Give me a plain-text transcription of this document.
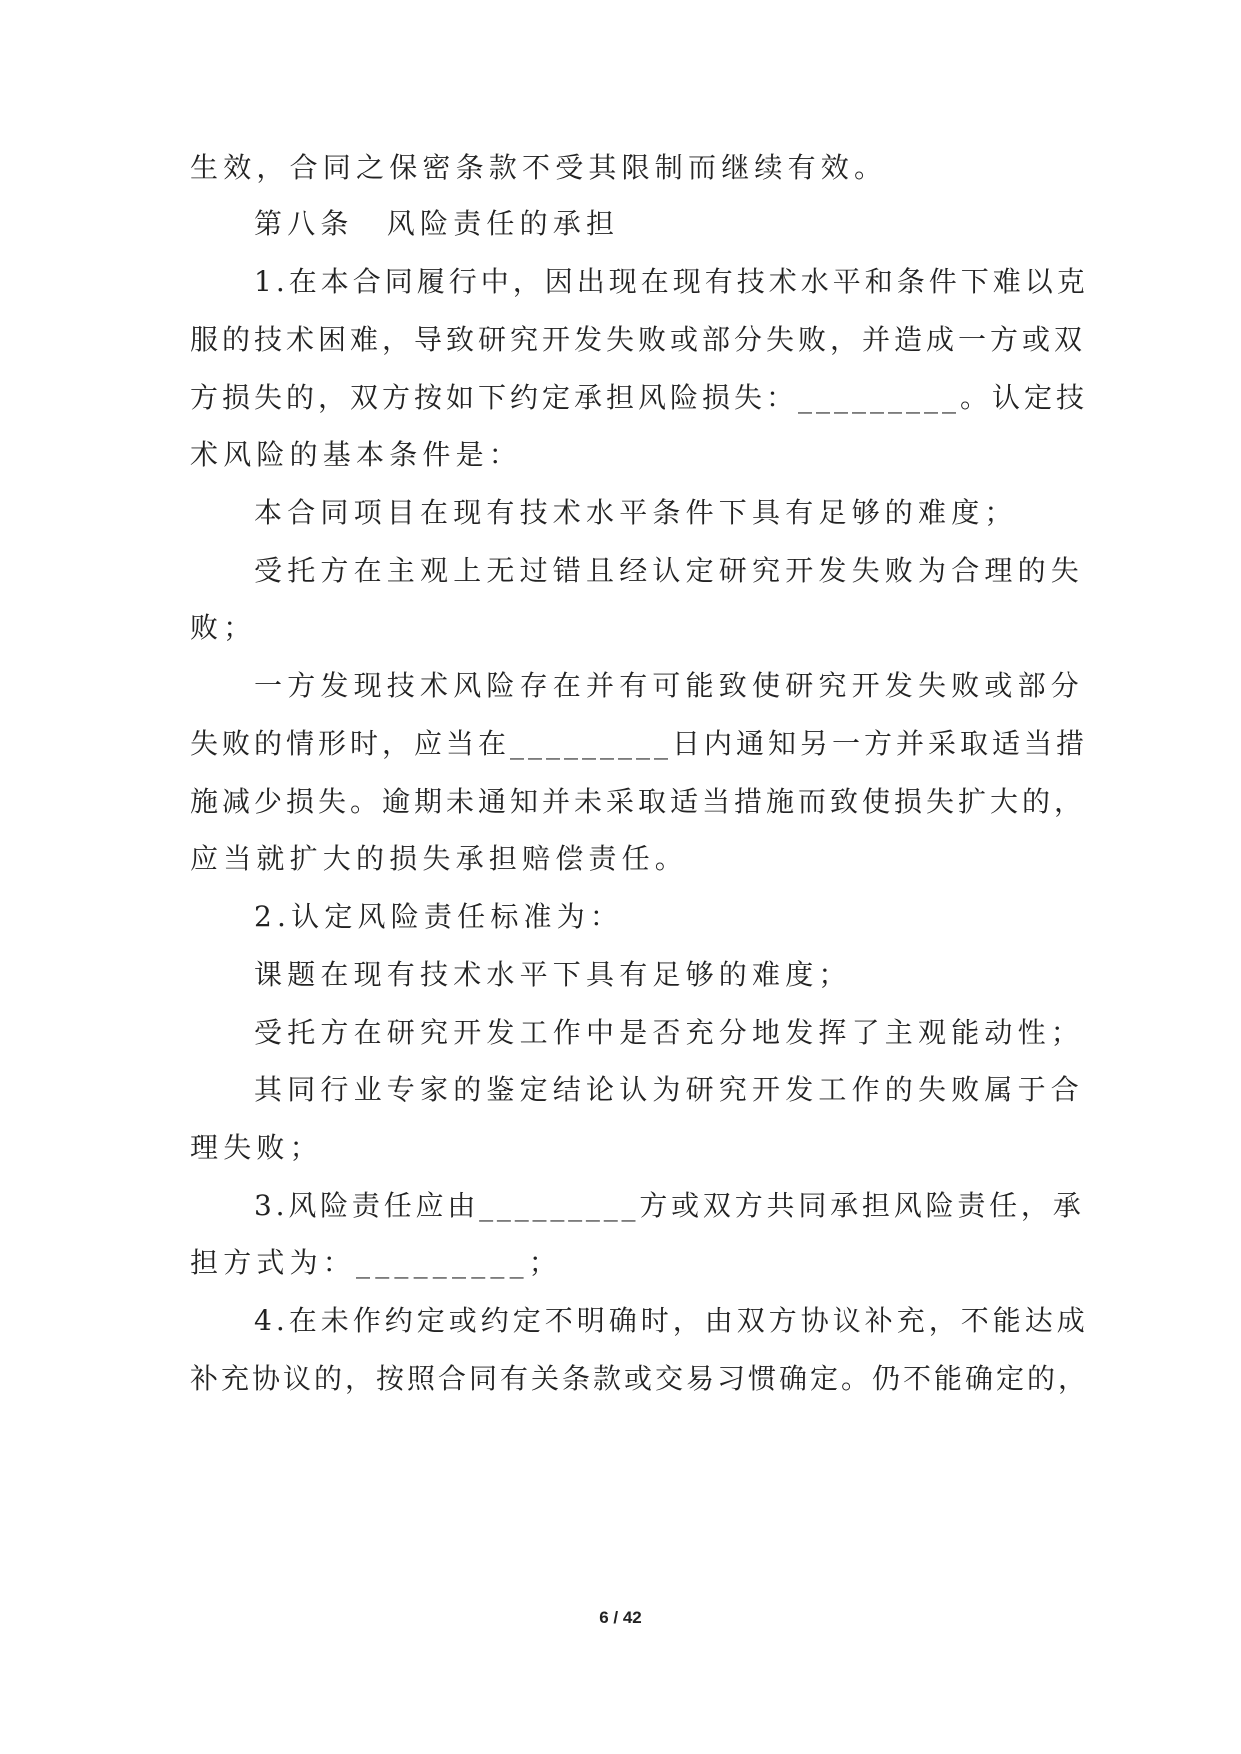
生效，合同之保密条款不受其限制而继续有效。
第八条　风险责任的承担
1.在本合同履行中，因出现在现有技术水平和条件下难以克
服的技术困难，导致研究开发失败或部分失败，并造成一方或双
方损失的，双方按如下约定承担风险损失：_________。认定技
术风险的基本条件是：
本合同项目在现有技术水平条件下具有足够的难度；
受托方在主观上无过错且经认定研究开发失败为合理的失
败；
一方发现技术风险存在并有可能致使研究开发失败或部分
失败的情形时，应当在_________日内通知另一方并采取适当措
施减少损失。逾期未通知并未采取适当措施而致使损失扩大的，
应当就扩大的损失承担赔偿责任。
2.认定风险责任标准为：
课题在现有技术水平下具有足够的难度；
受托方在研究开发工作中是否充分地发挥了主观能动性；
其同行业专家的鉴定结论认为研究开发工作的失败属于合
理失败；
3.风险责任应由_________方或双方共同承担风险责任，承
担方式为：_________；
4.在未作约定或约定不明确时，由双方协议补充，不能达成
补充协议的，按照合同有关条款或交易习惯确定。仍不能确定的，
6 / 42
